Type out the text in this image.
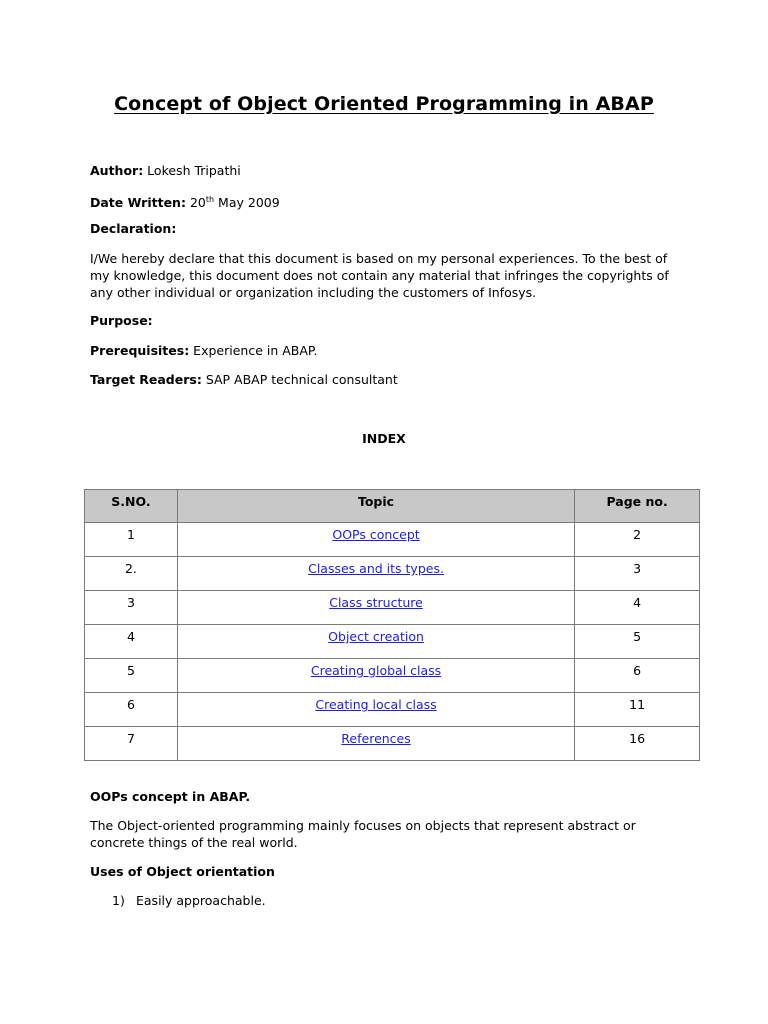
Concept of Object Oriented Programming in ABAP
Author: Lokesh Tripathi
Date Written: 20th May 2009
Declaration:
I/We hereby declare that this document is based on my personal experiences. To the best of my knowledge, this document does not contain any material that infringes the copyrights of any other individual or organization including the customers of Infosys.
Purpose:
Prerequisites: Experience in ABAP.
Target Readers: SAP ABAP technical consultant
INDEX
S.NO.	Topic	Page no.
1	OOPs concept	2
2.	Classes and its types.	3
3	Class structure	4
4	Object creation	5
5	Creating global class	6
6	Creating local class	11
7	References	16
OOPs concept in ABAP.
The Object-oriented programming mainly focuses on objects that represent abstract or concrete things of the real world.
Uses of Object orientation
1) Easily approachable.
